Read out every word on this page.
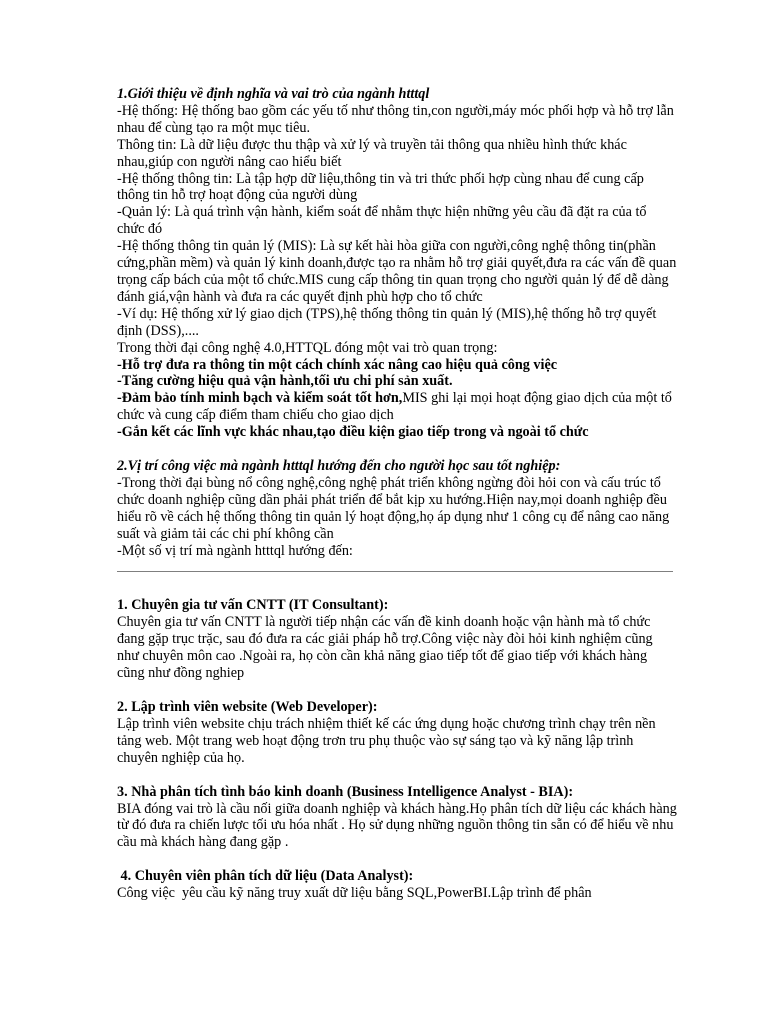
1.Giới thiệu về định nghĩa và vai trò của ngành htttql

-Hệ thống: Hệ thống bao gồm các yếu tố như thông tin,con người,máy móc phối hợp và hỗ trợ lẫn nhau để cùng tạo ra một mục tiêu.

Thông tin: Là dữ liệu được thu thập và xử lý và truyền tải thông qua nhiều hình thức khác nhau,giúp con người nâng cao hiểu biết

-Hệ thống thông tin: Là tập hợp dữ liệu,thông tin và tri thức phối hợp cùng nhau để cung cấp thông tin hỗ trợ hoạt động của người dùng

-Quản lý: Là quá trình vận hành, kiểm soát để nhằm thực hiện những yêu cầu đã đặt ra của tổ chức đó

-Hệ thống thông tin quản lý (MIS): Là sự kết hài hòa giữa con người,công nghệ thông tin(phần cứng,phần mềm) và quản lý kinh doanh,được tạo ra nhằm hỗ trợ giải quyết,đưa ra các vấn đề quan trọng cấp bách của một tổ chức.MIS cung cấp thông tin quan trọng cho người quản lý để dễ dàng đánh giá,vận hành và đưa ra các quyết định phù hợp cho tổ chức

-Ví dụ: Hệ thống xử lý giao dịch (TPS),hệ thống thông tin quản lý (MIS),hệ thống hỗ trợ quyết định (DSS),....

Trong thời đại công nghệ 4.0,HTTQL đóng một vai trò quan trọng:

-Hỗ trợ đưa ra thông tin một cách chính xác nâng cao hiệu quả công việc

-Tăng cường hiệu quả vận hành,tối ưu chi phí sản xuất.

-Đảm bảo tính minh bạch và kiểm soát tốt hơn,MIS ghi lại mọi hoạt động giao dịch của một tổ chức và cung cấp điểm tham chiếu cho giao dịch

-Gắn kết các lĩnh vực khác nhau,tạo điều kiện giao tiếp trong và ngoài tổ chức

2.Vị trí công việc mà ngành htttql hướng đến cho người học sau tốt nghiệp:

-Trong thời đại bùng nổ công nghệ,công nghệ phát triển không ngừng đòi hỏi con và cấu trúc tổ chức doanh nghiệp cũng dần phải phát triển để bắt kịp xu hướng.Hiện nay,mọi doanh nghiệp đều hiểu rõ về cách hệ thống thông tin quản lý hoạt động,họ áp dụng như 1 công cụ để nâng cao năng suất và giảm tải các chi phí không cần

-Một số vị trí mà ngành htttql hướng đến:

1. Chuyên gia tư vấn CNTT (IT Consultant):

Chuyên gia tư vấn CNTT là người tiếp nhận các vấn đề kinh doanh hoặc vận hành mà tổ chức đang gặp trục trặc, sau đó đưa ra các giải pháp hỗ trợ.Công việc này đòi hỏi kinh nghiệm cũng như chuyên môn cao .Ngoài ra, họ còn cần khả năng giao tiếp tốt để giao tiếp với khách hàng cũng như đồng nghiep

2. Lập trình viên website (Web Developer):

Lập trình viên website chịu trách nhiệm thiết kế các ứng dụng hoặc chương trình chạy trên nền tảng web. Một trang web hoạt động trơn tru phụ thuộc vào sự sáng tạo và kỹ năng lập trình chuyên nghiệp của họ.

3. Nhà phân tích tình báo kinh doanh (Business Intelligence Analyst - BIA):

BIA đóng vai trò là cầu nối giữa doanh nghiệp và khách hàng.Họ phân tích dữ liệu các khách hàng từ đó đưa ra chiến lược tối ưu hóa nhất . Họ sử dụng những nguồn thông tin sẵn có để hiểu về nhu cầu mà khách hàng đang gặp .

4. Chuyên viên phân tích dữ liệu (Data Analyst):

Công việc  yêu cầu kỹ năng truy xuất dữ liệu bằng SQL,PowerBI.Lập trình để phân
